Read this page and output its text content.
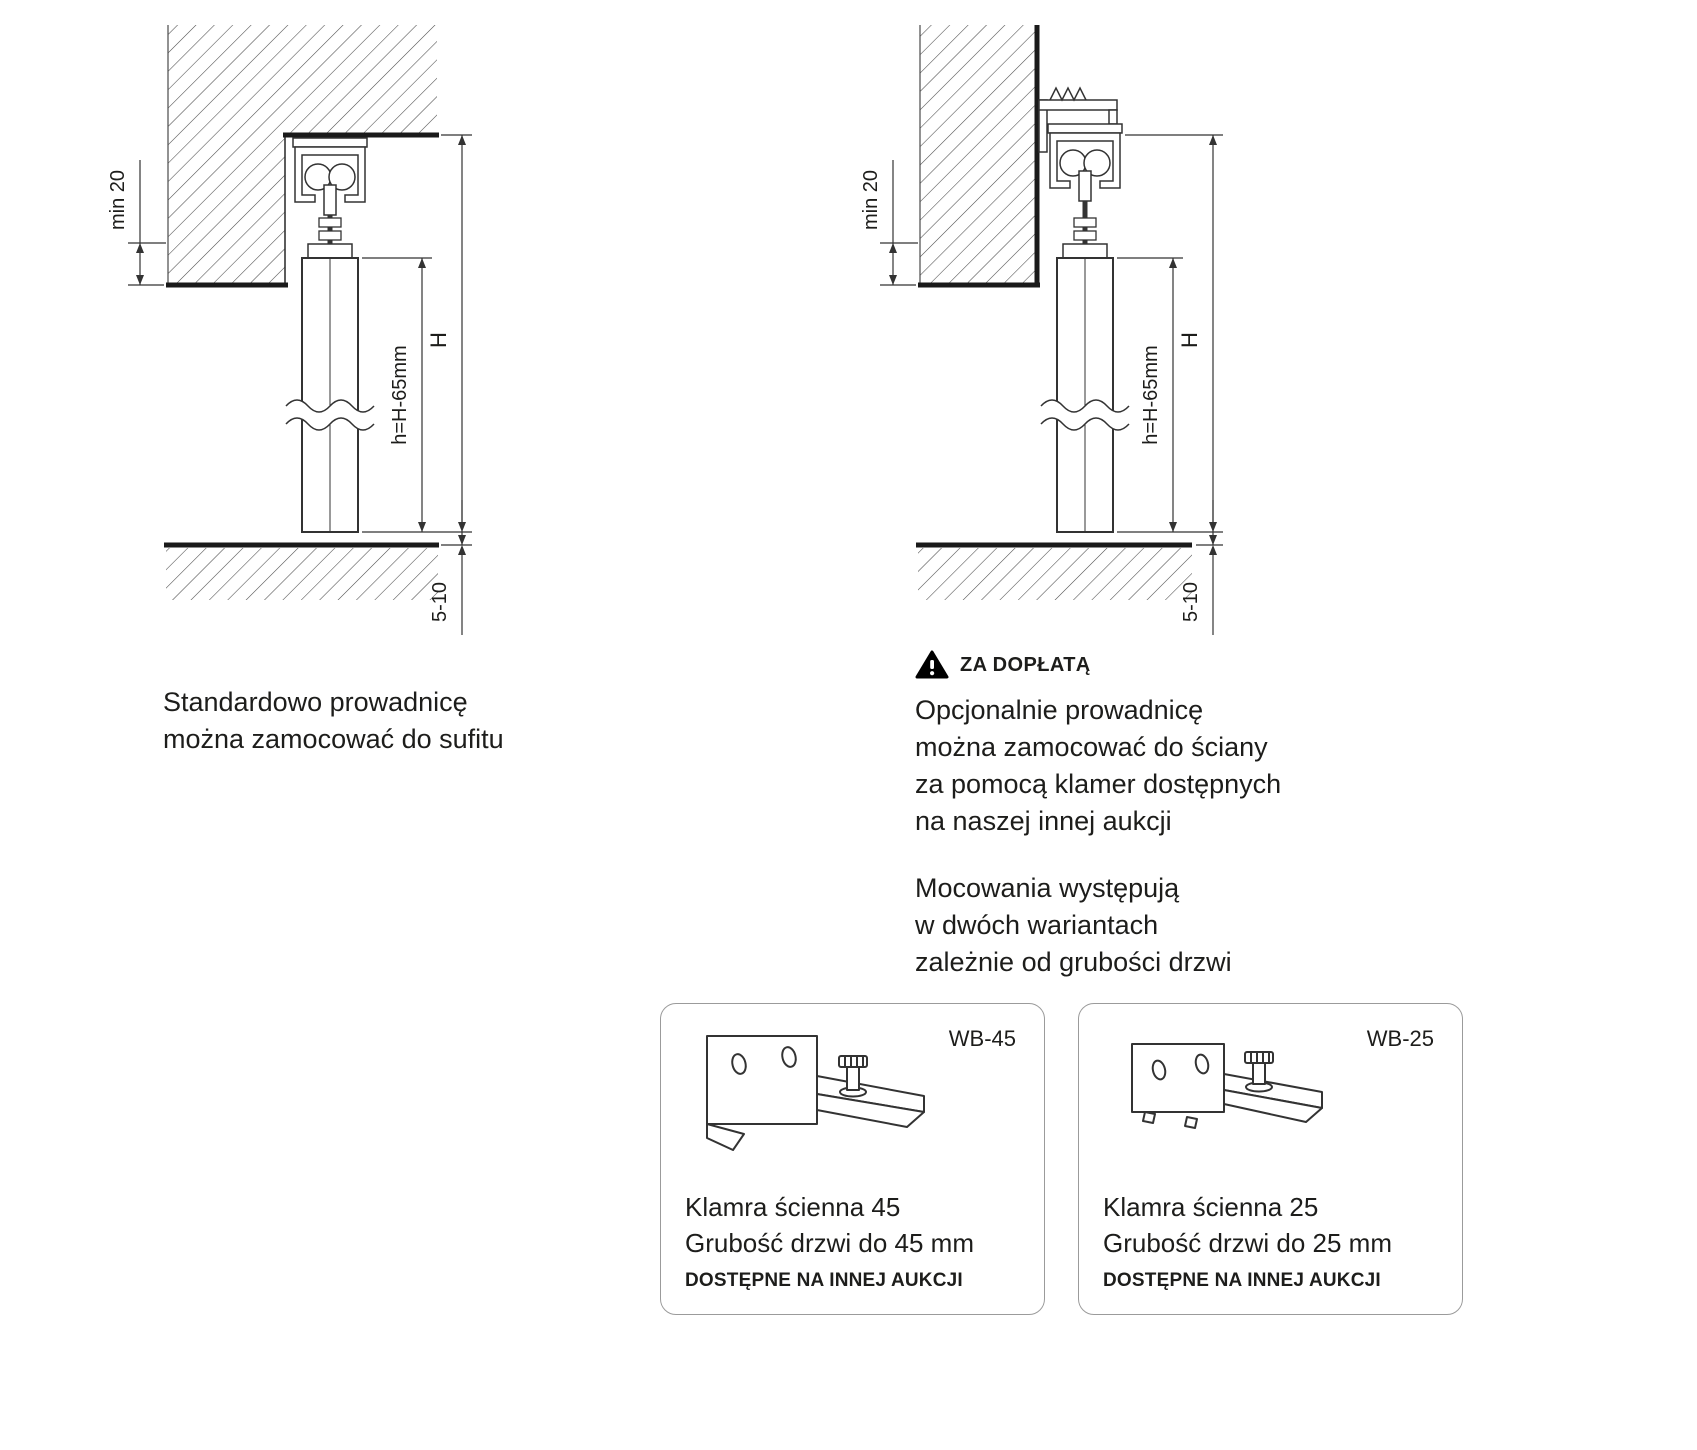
min 20
H
h=H-65mm
5-10
min 20
H
h=H-65mm
5-10
Standardowo prowadnicę
można zamocować do sufitu
ZA DOPŁATĄ
Opcjonalnie prowadnicę
można zamocować do ściany
za pomocą klamer dostępnych
na naszej innej aukcji
Mocowania występują
w dwóch wariantach
zależnie od grubości drzwi
WB-45
Klamra ścienna 45
Grubość drzwi do 45 mm
DOSTĘPNE NA INNEJ AUKCJI
WB-25
Klamra ścienna 25
Grubość drzwi do 25 mm
DOSTĘPNE NA INNEJ AUKCJI
